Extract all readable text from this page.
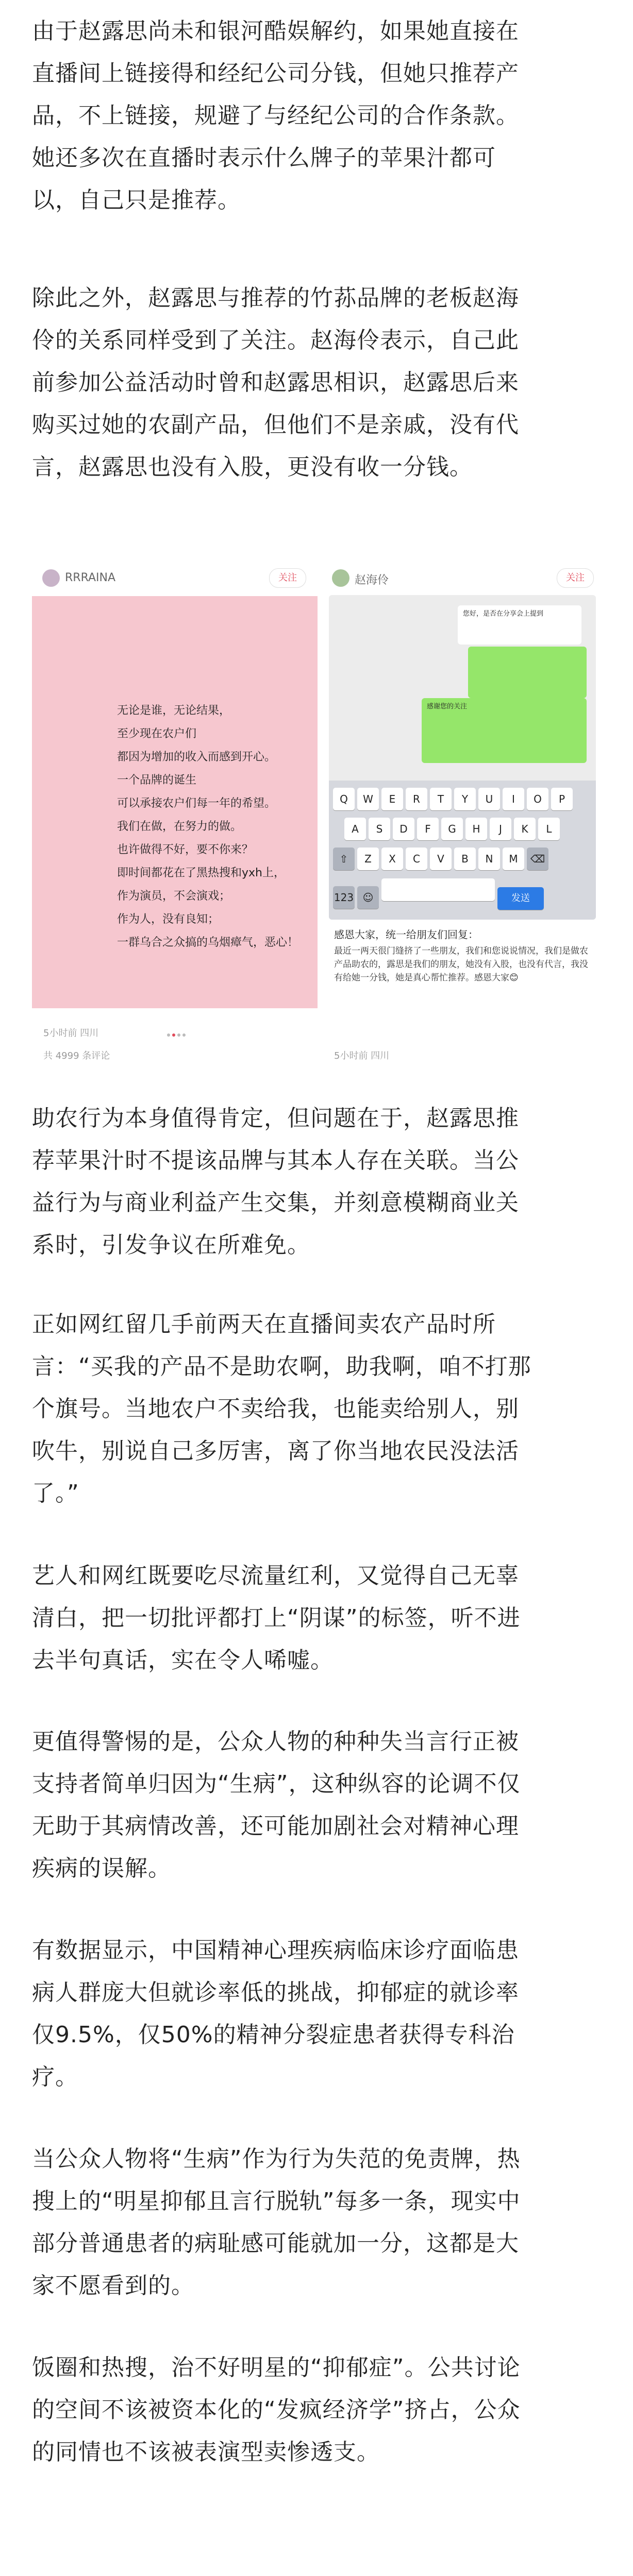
由于赵露思尚未和银河酷娱解约，如果她直接在
直播间上链接得和经纪公司分钱，但她只推荐产
品，不上链接，规避了与经纪公司的合作条款。
她还多次在直播时表示什么牌子的苹果汁都可
以，自己只是推荐。
除此之外，赵露思与推荐的竹荪品牌的老板赵海
伶的关系同样受到了关注。赵海伶表示，自己此
前参加公益活动时曾和赵露思相识，赵露思后来
购买过她的农副产品，但他们不是亲戚，没有代
言，赵露思也没有入股，更没有收一分钱。
RRRAINA	关注
无论是谁，无论结果，
至少现在农户们
都因为增加的收入而感到开心。
一个品牌的诞生
可以承接农户们每一年的希望。
我们在做，在努力的做。
也许做得不好，要不你来？
即时间都花在了黑热搜和yxh上，
作为演员，不会演戏；
作为人，没有良知；
一群乌合之众搞的乌烟瘴气，恶心！
5小时前 四川
共 4999 条评论
赵海伶	关注
您好，是否在分享会上提到
感谢您的关注
Q W E R T Y U I O P
A S D F G H J K L
⇧ Z X C V B N M ⌫
123 ☺	发送
感恩大家，统一给朋友们回复：
最近一两天很门缝挤了一些朋友，我们和您说说情况，我们是做农产品助农的，露思是我们的朋友，她没有入股，也没有代言，我没有给她一分钱，她是真心帮忙推荐。感恩大家😊
5小时前 四川
助农行为本身值得肯定，但问题在于，赵露思推
荐苹果汁时不提该品牌与其本人存在关联。当公
益行为与商业利益产生交集，并刻意模糊商业关
系时，引发争议在所难免。
正如网红留几手前两天在直播间卖农产品时所
言：“买我的产品不是助农啊，助我啊，咱不打那
个旗号。当地农户不卖给我，也能卖给别人，别
吹牛，别说自己多厉害，离了你当地农民没法活
了。”
艺人和网红既要吃尽流量红利，又觉得自己无辜
清白，把一切批评都打上“阴谋”的标签，听不进
去半句真话，实在令人唏嘘。
更值得警惕的是，公众人物的种种失当言行正被
支持者简单归因为“生病”，这种纵容的论调不仅
无助于其病情改善，还可能加剧社会对精神心理
疾病的误解。
有数据显示，中国精神心理疾病临床诊疗面临患
病人群庞大但就诊率低的挑战，抑郁症的就诊率
仅9.5%，仅50%的精神分裂症患者获得专科治
疗。
当公众人物将“生病”作为行为失范的免责牌，热
搜上的“明星抑郁且言行脱轨”每多一条，现实中
部分普通患者的病耻感可能就加一分，这都是大
家不愿看到的。
饭圈和热搜，治不好明星的“抑郁症”。公共讨论
的空间不该被资本化的“发疯经济学”挤占，公众
的同情也不该被表演型卖惨透支。
